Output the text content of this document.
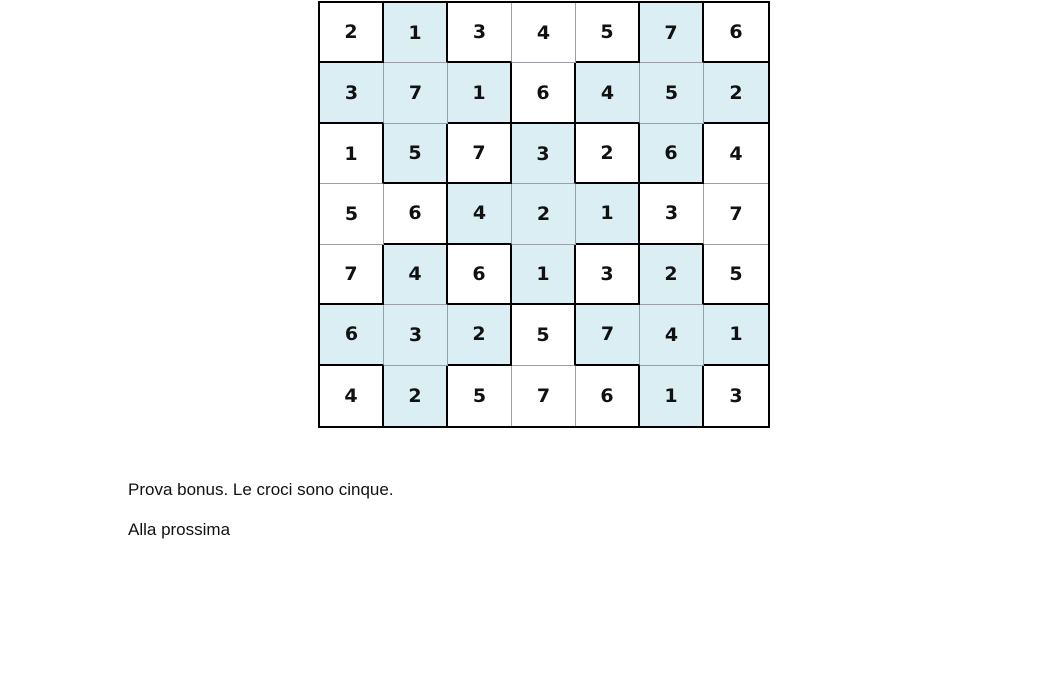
2	1	3	4	5	7	6
3	7	1	6	4	5	2
1	5	7	3	2	6	4
5	6	4	2	1	3	7
7	4	6	1	3	2	5
6	3	2	5	7	4	1
4	2	5	7	6	1	3
Prova bonus. Le croci sono cinque.
Alla prossima
